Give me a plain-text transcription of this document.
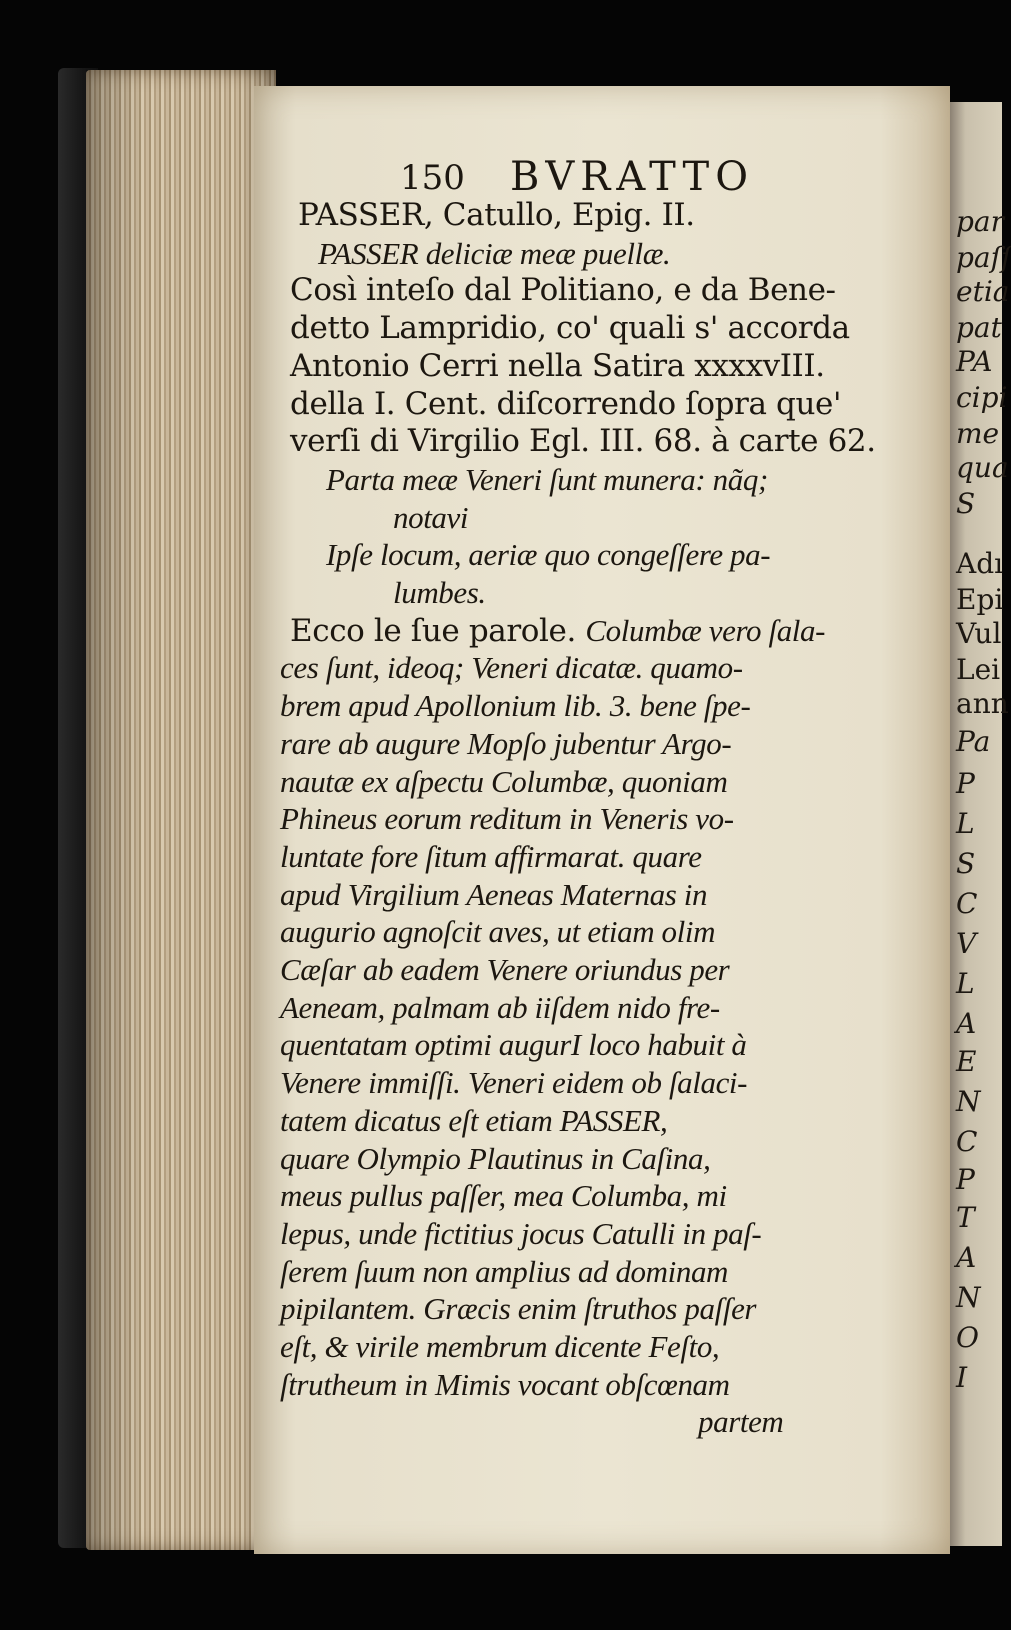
par
paſſ
etia
pat
PA
cipi
me
qua
S
Adı
Epi
Vul
Lei
ann
Pa
P
L
S
C
V
L
A
E
N
C
P
T
A
N
O
I
150 BVRATTO
PASSER, Catullo, Epig. II.
PASSER deliciæ meæ puellæ.
Così inteſo dal Politiano, e da Bene-
detto Lampridio, co' quali s' accorda
Antonio Cerri nella Satira xxxxvIII.
della I. Cent. diſcorrendo ſopra que'
verſi di Virgilio Egl. III. 68. à carte 62.
Parta meæ Veneri ſunt munera: nãq;
notavi
Ipſe locum, aeriæ quo congeſſere pa-
lumbes.
Ecco le ſue parole. Columbæ vero ſala-
ces ſunt, ideoq; Veneri dicatæ. quamo-
brem apud Apollonium lib. 3. bene ſpe-
rare ab augure Mopſo jubentur Argo-
nautæ ex aſpectu Columbæ, quoniam
Phineus eorum reditum in Veneris vo-
luntate fore ſitum affirmarat. quare
apud Virgilium Aeneas Maternas in
augurio agnoſcit aves, ut etiam olim
Cæſar ab eadem Venere oriundus per
Aeneam, palmam ab iiſdem nido fre-
quentatam optimi augurI loco habuit à
Venere immiſſi. Veneri eidem ob ſalaci-
tatem dicatus eſt etiam PASSER,
quare Olympio Plautinus in Caſina,
meus pullus paſſer, mea Columba, mi
lepus, unde fictitius jocus Catulli in paſ-
ſerem ſuum non amplius ad dominam
pipilantem. Græcis enim ſtruthos paſſer
eſt, & virile membrum dicente Feſto,
ſtrutheum in Mimis vocant obſcœnam
partem
